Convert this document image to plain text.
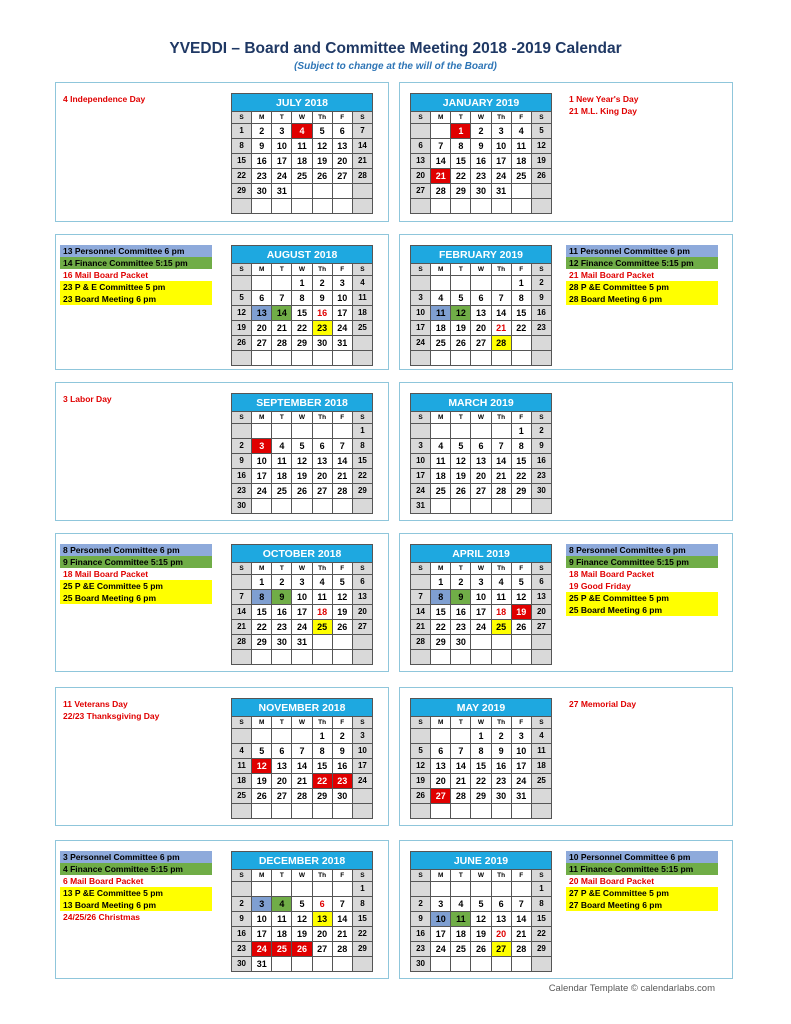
YVEDDI – Board and Committee Meeting 2018 -2019 Calendar
(Subject to change at the will of the Board)
4 Independence Day	JULY 2018						
S	M	T	W	Th	F	S
1	2	3	4	5	6	7
8	9	10	11	12	13	14
15	16	17	18	19	20	21
22	23	24	25	26	27	28
29	30	31				

1 New Year's Day
21 M.L. King Day
JANUARY 2019						
S	M	T	W	Th	F	S
		1	2	3	4	5
6	7	8	9	10	11	12
13	14	15	16	17	18	19
20	21	22	23	24	25	26
27	28	29	30	31		

13 Personnel Committee 6 pm
14 Finance Committee 5:15 pm
16 Mail Board Packet
23 P & E Committee 5 pm
23 Board Meeting 6 pm
AUGUST 2018						
S	M	T	W	Th	F	S
			1	2	3	4
5	6	7	8	9	10	11
12	13	14	15	16	17	18
19	20	21	22	23	24	25
26	27	28	29	30	31	

11 Personnel Committee 6 pm
12 Finance Committee 5:15 pm
21 Mail Board Packet
28 P &E Committee 5 pm
28 Board Meeting 6 pm
FEBRUARY 2019						
S	M	T	W	Th	F	S
					1	2
3	4	5	6	7	8	9
10	11	12	13	14	15	16
17	18	19	20	21	22	23
24	25	26	27	28		

3 Labor Day	SEPTEMBER 2018						
S	M	T	W	Th	F	S
						1
2	3	4	5	6	7	8
9	10	11	12	13	14	15
16	17	18	19	20	21	22
23	24	25	26	27	28	29
30						
MARCH 2019						
S	M	T	W	Th	F	S
					1	2
3	4	5	6	7	8	9
10	11	12	13	14	15	16
17	18	19	20	21	22	23
24	25	26	27	28	29	30
31						
8 Personnel Committee 6 pm
9 Finance Committee 5:15 pm
18 Mail Board Packet
25 P &E Committee 5 pm
25 Board Meeting 6 pm
OCTOBER 2018						
S	M	T	W	Th	F	S
	1	2	3	4	5	6
7	8	9	10	11	12	13
14	15	16	17	18	19	20
21	22	23	24	25	26	27
28	29	30	31			

8 Personnel Committee 6 pm
9 Finance Committee 5:15 pm
18 Mail Board Packet
19 Good Friday
25 P &E Committee 5 pm
25 Board Meeting 6 pm
APRIL 2019						
S	M	T	W	Th	F	S
	1	2	3	4	5	6
7	8	9	10	11	12	13
14	15	16	17	18	19	20
21	22	23	24	25	26	27
28	29	30				

11 Veterans Day
22/23 Thanksgiving Day
NOVEMBER 2018						
S	M	T	W	Th	F	S
				1	2	3
4	5	6	7	8	9	10
11	12	13	14	15	16	17
18	19	20	21	22	23	24
25	26	27	28	29	30	

27 Memorial Day
MAY 2019						
S	M	T	W	Th	F	S
			1	2	3	4
5	6	7	8	9	10	11
12	13	14	15	16	17	18
19	20	21	22	23	24	25
26	27	28	29	30	31	

3 Personnel Committee 6 pm
4 Finance Committee 5:15 pm
6 Mail Board Packet
13 P &E Committee 5 pm
13 Board Meeting 6 pm
24/25/26 Christmas
DECEMBER 2018						
S	M	T	W	Th	F	S
						1
2	3	4	5	6	7	8
9	10	11	12	13	14	15
16	17	18	19	20	21	22
23	24	25	26	27	28	29
30	31					
10 Personnel Committee 6 pm
11 Finance Committee 5:15 pm
20 Mail Board Packet
27 P &E Committee 5 pm
27 Board Meeting 6 pm
JUNE 2019						
S	M	T	W	Th	F	S
						1
2	3	4	5	6	7	8
9	10	11	12	13	14	15
16	17	18	19	20	21	22
23	24	25	26	27	28	29
30						
Calendar Template © calendarlabs.com
